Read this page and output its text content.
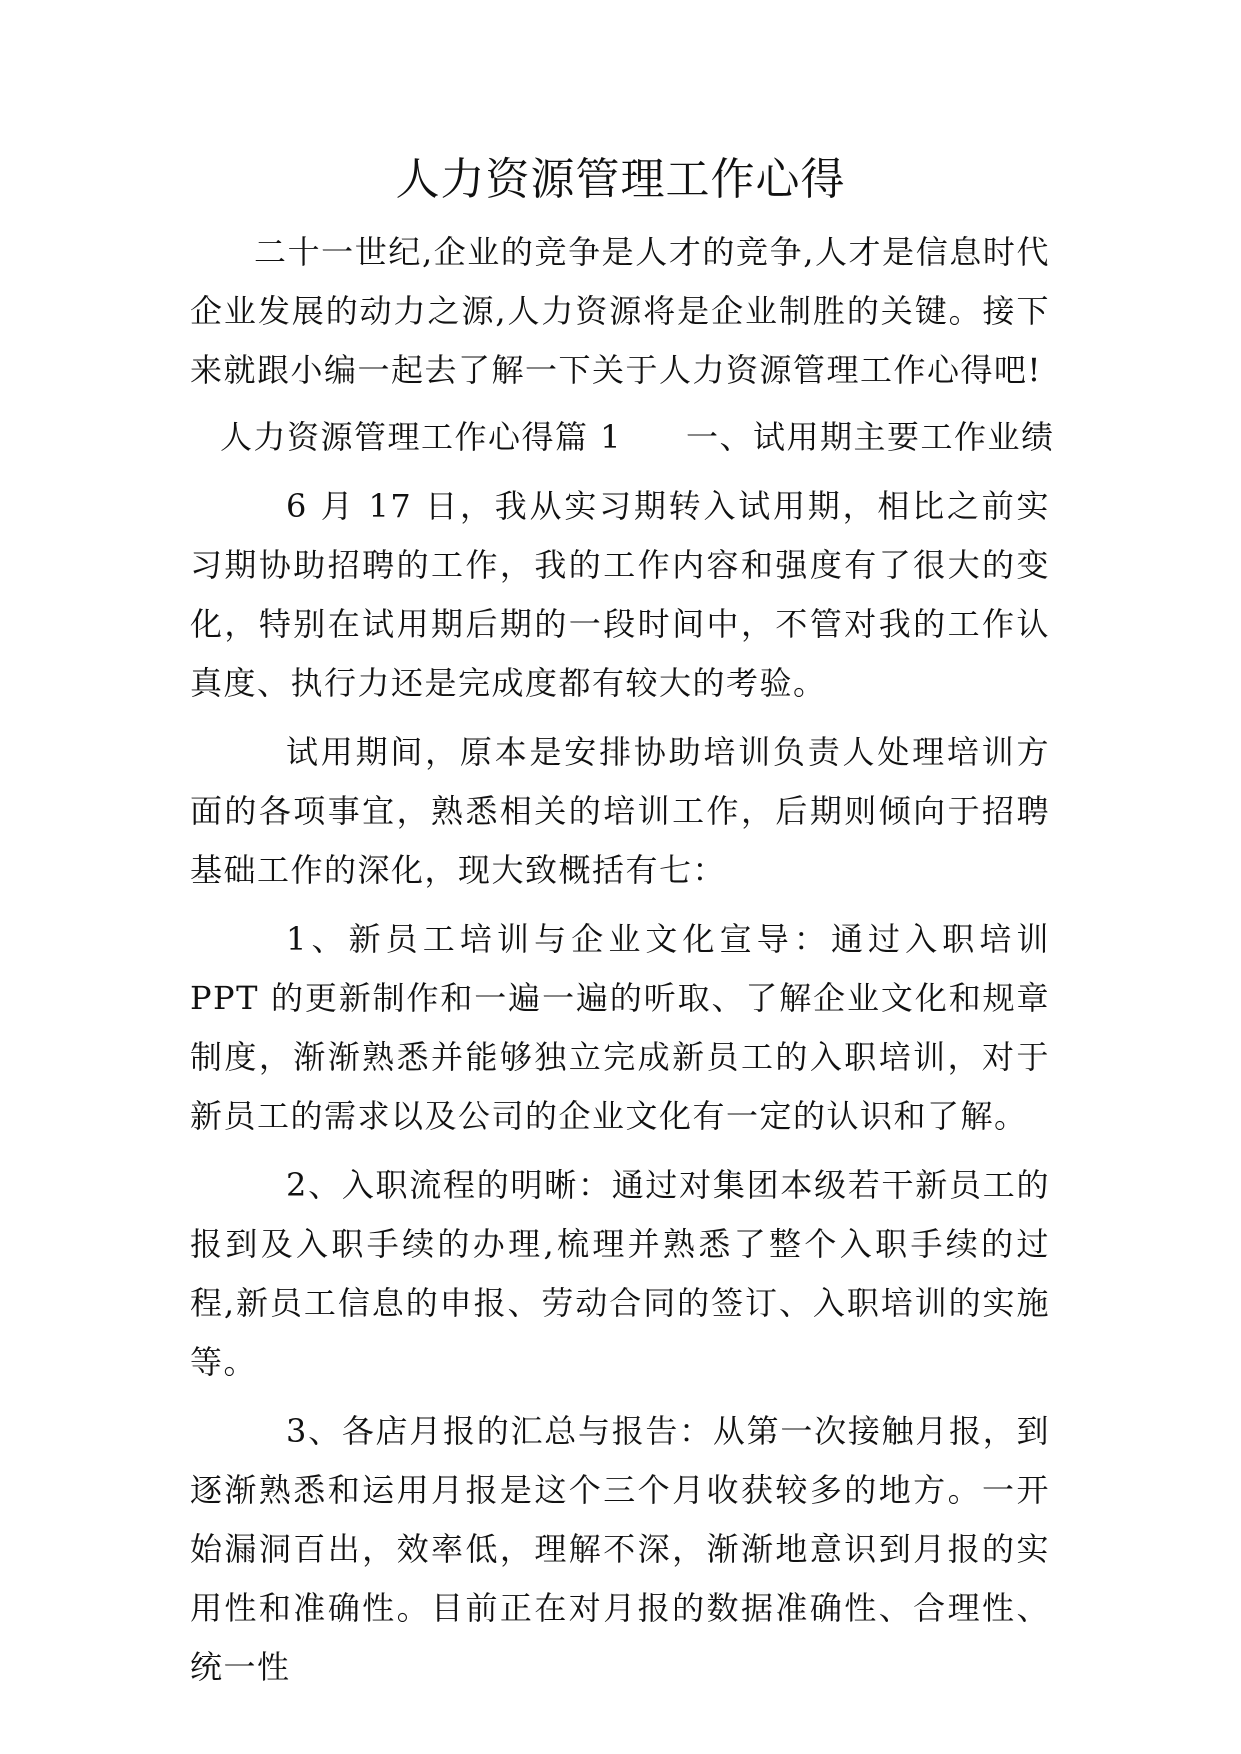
人力资源管理工作心得

二十一世纪,企业的竞争是人才的竞争,人才是信息时代企业发展的动力之源,人力资源将是企业制胜的关键。接下来就跟小编一起去了解一下关于人力资源管理工作心得吧!

人力资源管理工作心得篇 1 一、试用期主要工作业绩

6 月 17 日，我从实习期转入试用期，相比之前实习期协助招聘的工作，我的工作内容和强度有了很大的变化，特别在试用期后期的一段时间中，不管对我的工作认真度、执行力还是完成度都有较大的考验。

试用期间，原本是安排协助培训负责人处理培训方面的各项事宜，熟悉相关的培训工作，后期则倾向于招聘基础工作的深化，现大致概括有七：

1、新员工培训与企业文化宣导：通过入职培训 PPT 的更新制作和一遍一遍的听取、了解企业文化和规章制度，渐渐熟悉并能够独立完成新员工的入职培训，对于新员工的需求以及公司的企业文化有一定的认识和了解。

2、入职流程的明晰：通过对集团本级若干新员工的报到及入职手续的办理,梳理并熟悉了整个入职手续的过程,新员工信息的申报、劳动合同的签订、入职培训的实施等。

3、各店月报的汇总与报告：从第一次接触月报，到逐渐熟悉和运用月报是这个三个月收获较多的地方。一开始漏洞百出，效率低，理解不深，渐渐地意识到月报的实用性和准确性。目前正在对月报的数据准确性、合理性、统一性
